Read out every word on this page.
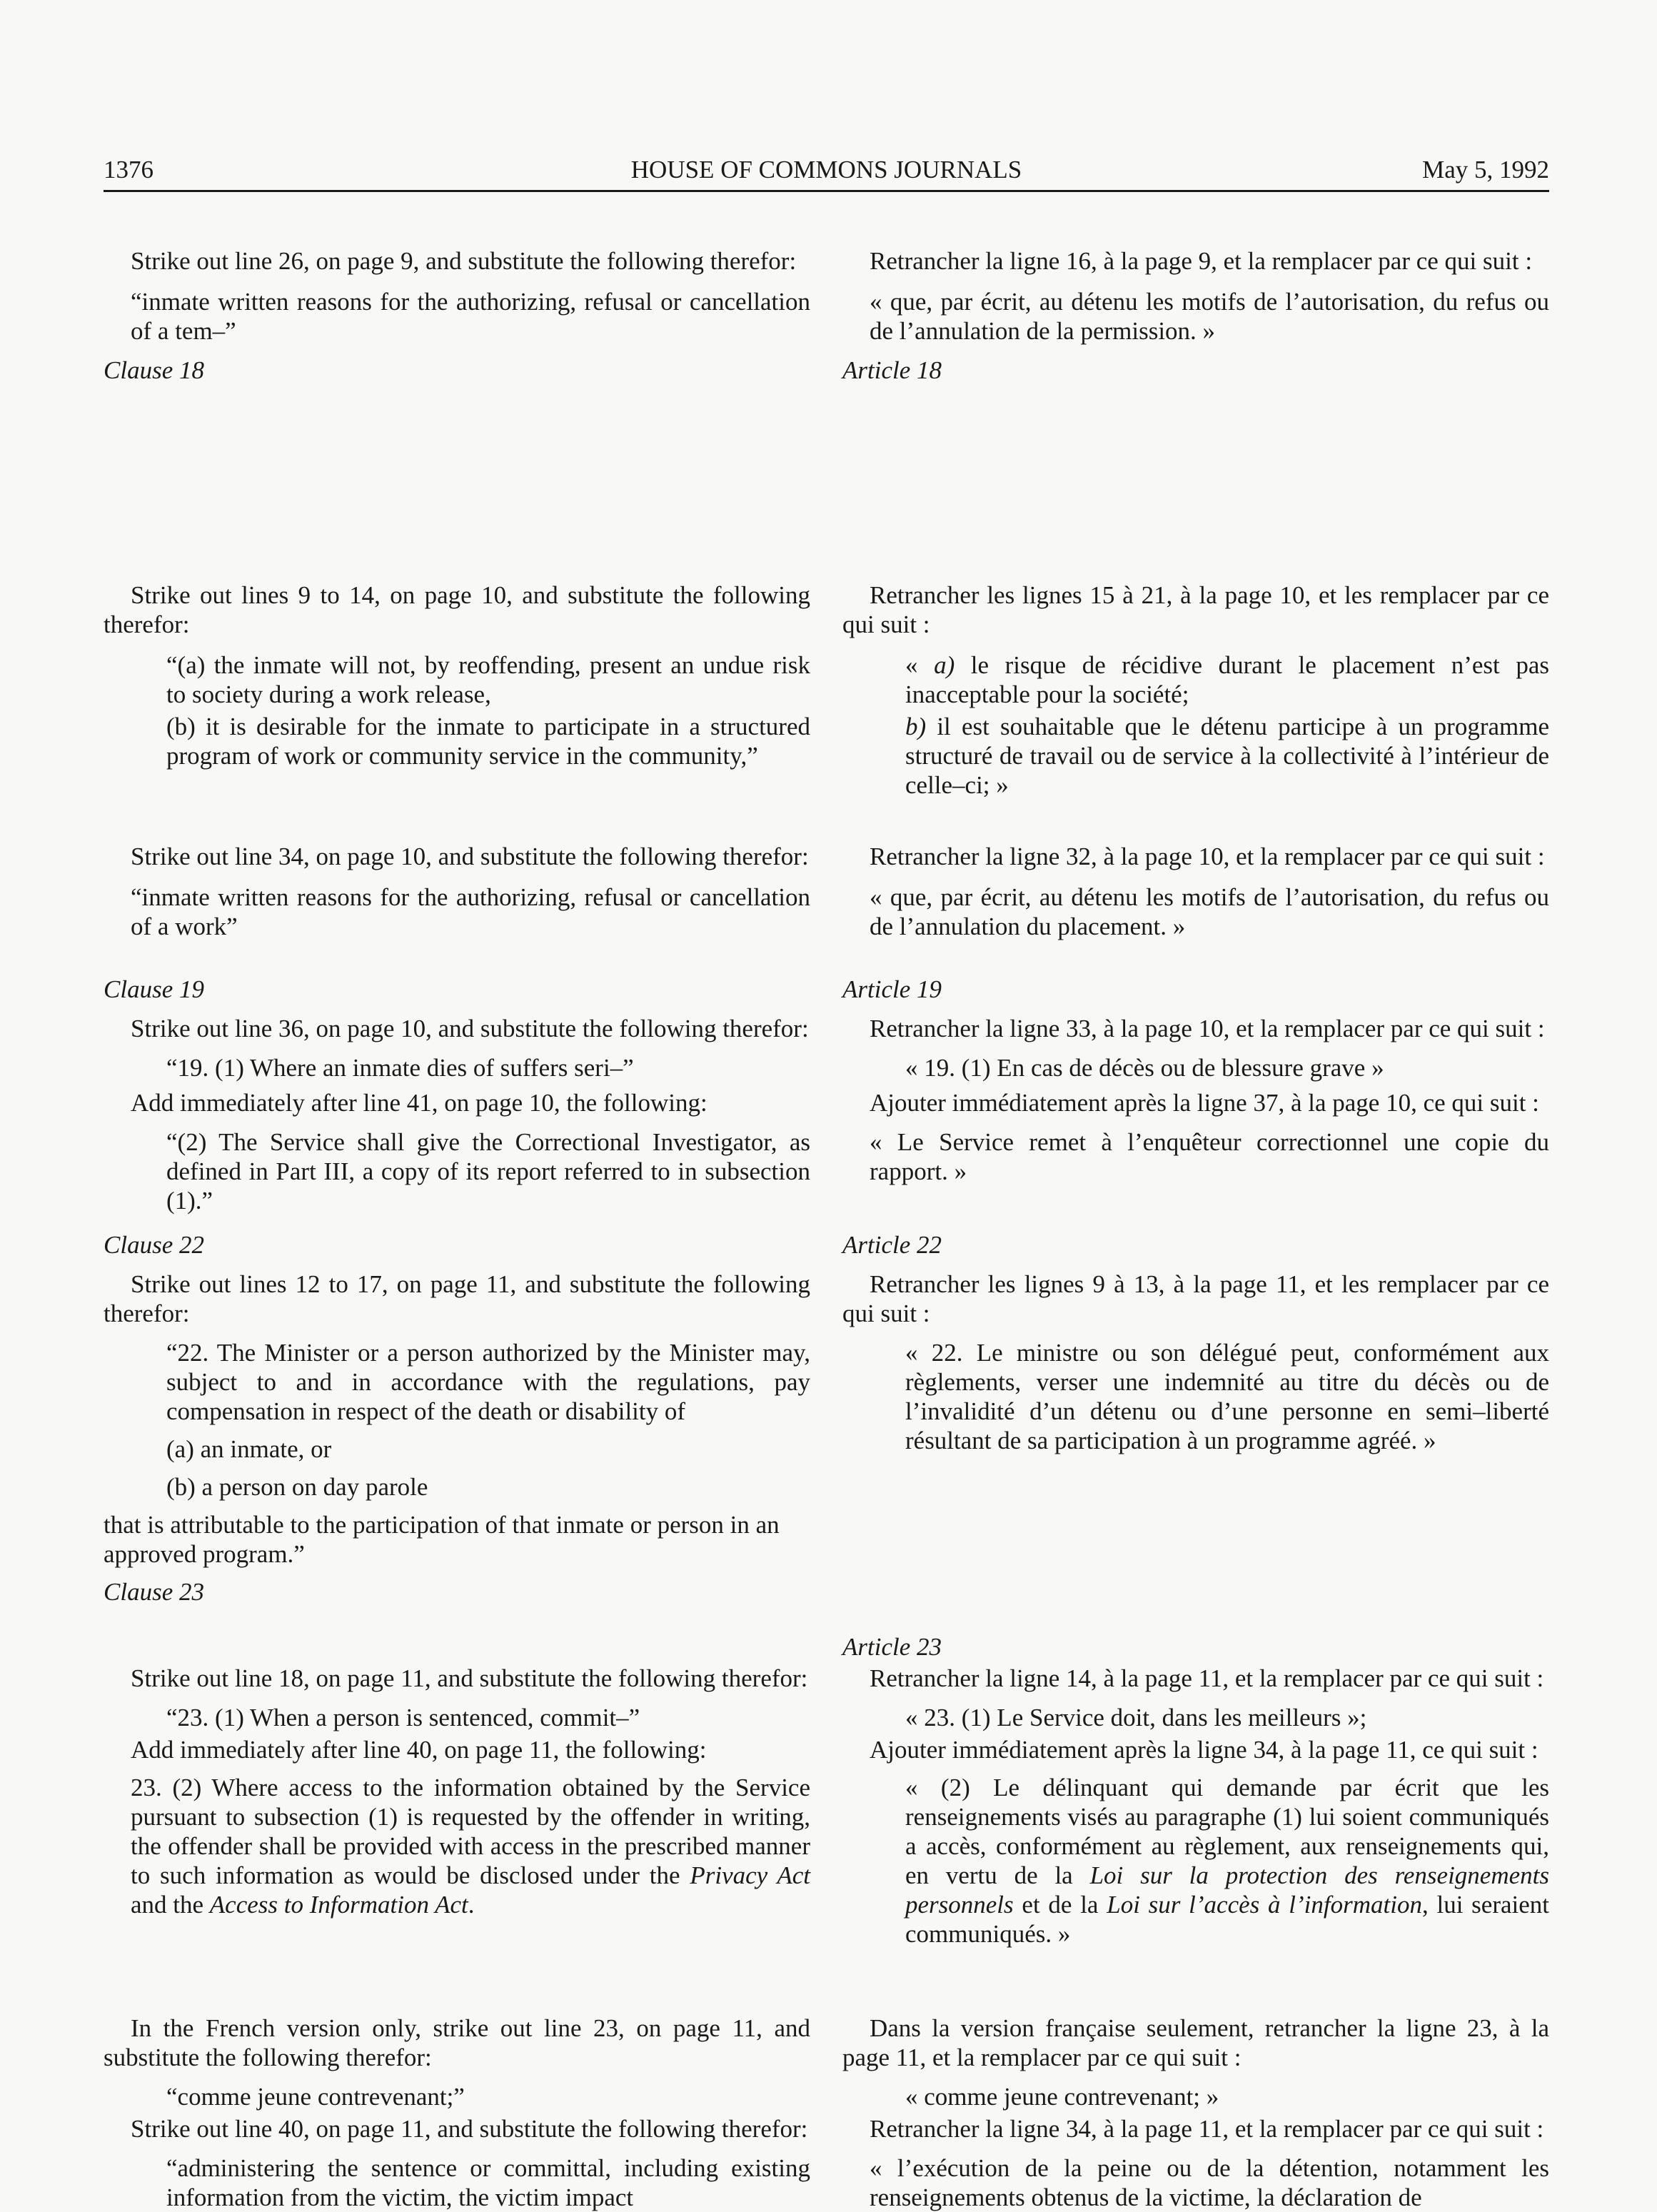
1376	HOUSE OF COMMONS JOURNALS	May 5, 1992

Strike out line 26, on page 9, and substitute the following therefor:

“inmate written reasons for the authorizing, refusal or cancellation of a tem–”

Clause 18

Strike out lines 9 to 14, on page 10, and substitute the following therefor:

“(a) the inmate will not, by reoffending, present an undue risk to society during a work release,

(b) it is desirable for the inmate to participate in a structured program of work or community service in the community,”

Strike out line 34, on page 10, and substitute the following therefor:

“inmate written reasons for the authorizing, refusal or cancellation of a work”

Clause 19

Strike out line 36, on page 10, and substitute the following therefor:

“19. (1) Where an inmate dies of suffers seri–”

Add immediately after line 41, on page 10, the following:

“(2) The Service shall give the Correctional Investigator, as defined in Part III, a copy of its report referred to in subsection (1).”

Clause 22

Strike out lines 12 to 17, on page 11, and substitute the following therefor:

“22. The Minister or a person authorized by the Minister may, subject to and in accordance with the regulations, pay compensation in respect of the death or disability of

(a) an inmate, or

(b) a person on day parole

that is attributable to the participation of that inmate or person in an approved program.”

Clause 23

Strike out line 18, on page 11, and substitute the following therefor:

“23. (1) When a person is sentenced, commit–”

Add immediately after line 40, on page 11, the following:

23. (2) Where access to the information obtained by the Service pursuant to subsection (1) is requested by the offender in writing, the offender shall be provided with access in the prescribed manner to such information as would be disclosed under the Privacy Act and the Access to Information Act.

In the French version only, strike out line 23, on page 11, and substitute the following therefor:

“comme jeune contrevenant;”

Strike out line 40, on page 11, and substitute the following therefor:

“administering the sentence or committal, including existing information from the victim, the victim impact

Retrancher la ligne 16, à la page 9, et la remplacer par ce qui suit :

« que, par écrit, au détenu les motifs de l’autorisation, du refus ou de l’annulation de la permission. »

Article 18

Retrancher les lignes 15 à 21, à la page 10, et les remplacer par ce qui suit :

« a) le risque de récidive durant le placement n’est pas inacceptable pour la société;

b) il est souhaitable que le détenu participe à un programme structuré de travail ou de service à la collectivité à l’intérieur de celle–ci; »

Retrancher la ligne 32, à la page 10, et la remplacer par ce qui suit :

« que, par écrit, au détenu les motifs de l’autorisation, du refus ou de l’annulation du placement. »

Article 19

Retrancher la ligne 33, à la page 10, et la remplacer par ce qui suit :

« 19. (1) En cas de décès ou de blessure grave »

Ajouter immédiatement après la ligne 37, à la page 10, ce qui suit :

« Le Service remet à l’enquêteur correctionnel une copie du rapport. »

Article 22

Retrancher les lignes 9 à 13, à la page 11, et les remplacer par ce qui suit :

« 22. Le ministre ou son délégué peut, conformément aux règlements, verser une indemnité au titre du décès ou de l’invalidité d’un détenu ou d’une personne en semi–liberté résultant de sa participation à un programme agréé. »

Article 23

Retrancher la ligne 14, à la page 11, et la remplacer par ce qui suit :

« 23. (1) Le Service doit, dans les meilleurs »;

Ajouter immédiatement après la ligne 34, à la page 11, ce qui suit :

« (2) Le délinquant qui demande par écrit que les renseignements visés au paragraphe (1) lui soient communiqués a accès, conformément au règlement, aux renseignements qui, en vertu de la Loi sur la protection des renseignements personnels et de la Loi sur l’accès à l’information, lui seraient communiqués. »

Dans la version française seulement, retrancher la ligne 23, à la page 11, et la remplacer par ce qui suit :

« comme jeune contrevenant; »

Retrancher la ligne 34, à la page 11, et la remplacer par ce qui suit :

« l’exécution de la peine ou de la détention, notamment les renseignements obtenus de la victime, la déclaration de
